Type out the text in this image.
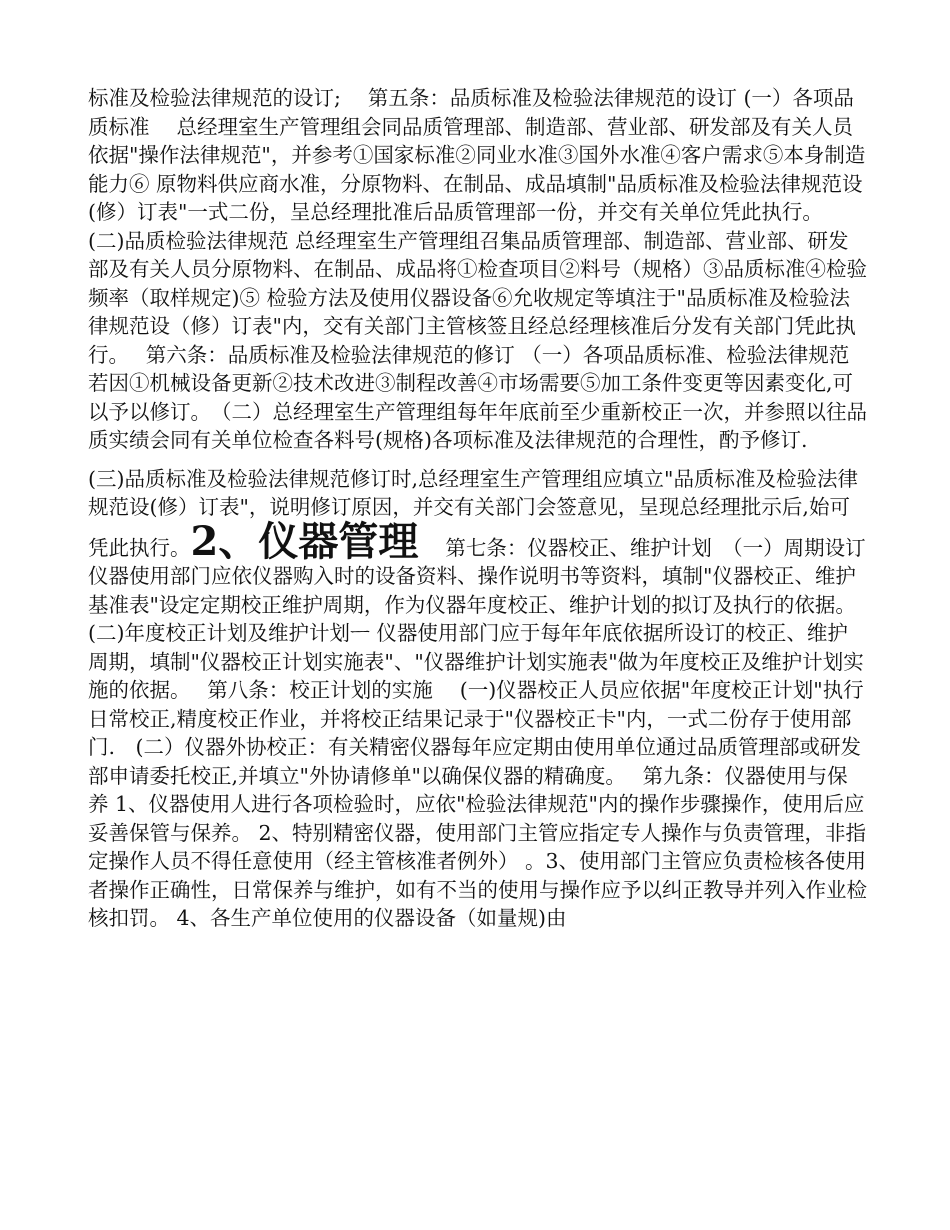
标准及检验法律规范的设订;　 第五条：品质标准及检验法律规范的设订 (一）各项品质标准　 总经理室生产管理组会同品质管理部、制造部、营业部、研发部及有关人员依据"操作法律规范"，并参考①国家标准②同业水准③国外水准④客户需求⑤本身制造能力⑥ 原物料供应商水准，分原物料、在制品、成品填制"品质标准及检验法律规范设(修）订表"一式二份，呈总经理批准后品质管理部一份，并交有关单位凭此执行。　 (二)品质检验法律规范 总经理室生产管理组召集品质管理部、制造部、营业部、研发部及有关人员分原物料、在制品、成品将①检查项目②料号（规格）③品质标准④检验频率（取样规定)⑤ 检验方法及使用仪器设备⑥允收规定等填注于"品质标准及检验法律规范设（修）订表"内，交有关部门主管核签且经总经理核准后分发有关部门凭此执行。　 第六条：品质标准及检验法律规范的修订 （一）各项品质标准、检验法律规范若因①机械设备更新②技术改进③制程改善④市场需要⑤加工条件变更等因素变化,可以予以修订。　（二）总经理室生产管理组每年年底前至少重新校正一次，并参照以往品质实绩会同有关单位检查各料号(规格)各项标准及法律规范的合理性，酌予修订.

(三)品质标准及检验法律规范修订时,总经理室生产管理组应填立"品质标准及检验法律规范设(修）订表"，说明修订原因，并交有关部门会签意见，呈现总经理批示后,始可凭此执行。2、仪器管理　 第七条：仪器校正、维护计划　（一）周期设订 仪器使用部门应依仪器购入时的设备资料、操作说明书等资料，填制"仪器校正、维护基准表"设定定期校正维护周期，作为仪器年度校正、维护计划的拟订及执行的依据。　 (二)年度校正计划及维护计划ㅡ 仪器使用部门应于每年年底依据所设订的校正、维护周期，填制"仪器校正计划实施表"、"仪器维护计划实施表"做为年度校正及维护计划实施的依据。　 第八条：校正计划的实施　 (一)仪器校正人员应依据"年度校正计划"执行日常校正,精度校正作业，并将校正结果记录于"仪器校正卡"内，一式二份存于使用部门.　(二）仪器外协校正：有关精密仪器每年应定期由使用单位通过品质管理部或研发部申请委托校正,并填立"外协请修单"以确保仪器的精确度。　 第九条：仪器使用与保养 1、仪器使用人进行各项检验时，应依"检验法律规范"内的操作步骤操作，使用后应妥善保管与保养。 2、特别精密仪器，使用部门主管应指定专人操作与负责管理，非指定操作人员不得任意使用（经主管核准者例外） 。3、使用部门主管应负责检核各使用者操作正确性，日常保养与维护，如有不当的使用与操作应予以纠正教导并列入作业检核扣罚。 4、各生产单位使用的仪器设备（如量规)由
